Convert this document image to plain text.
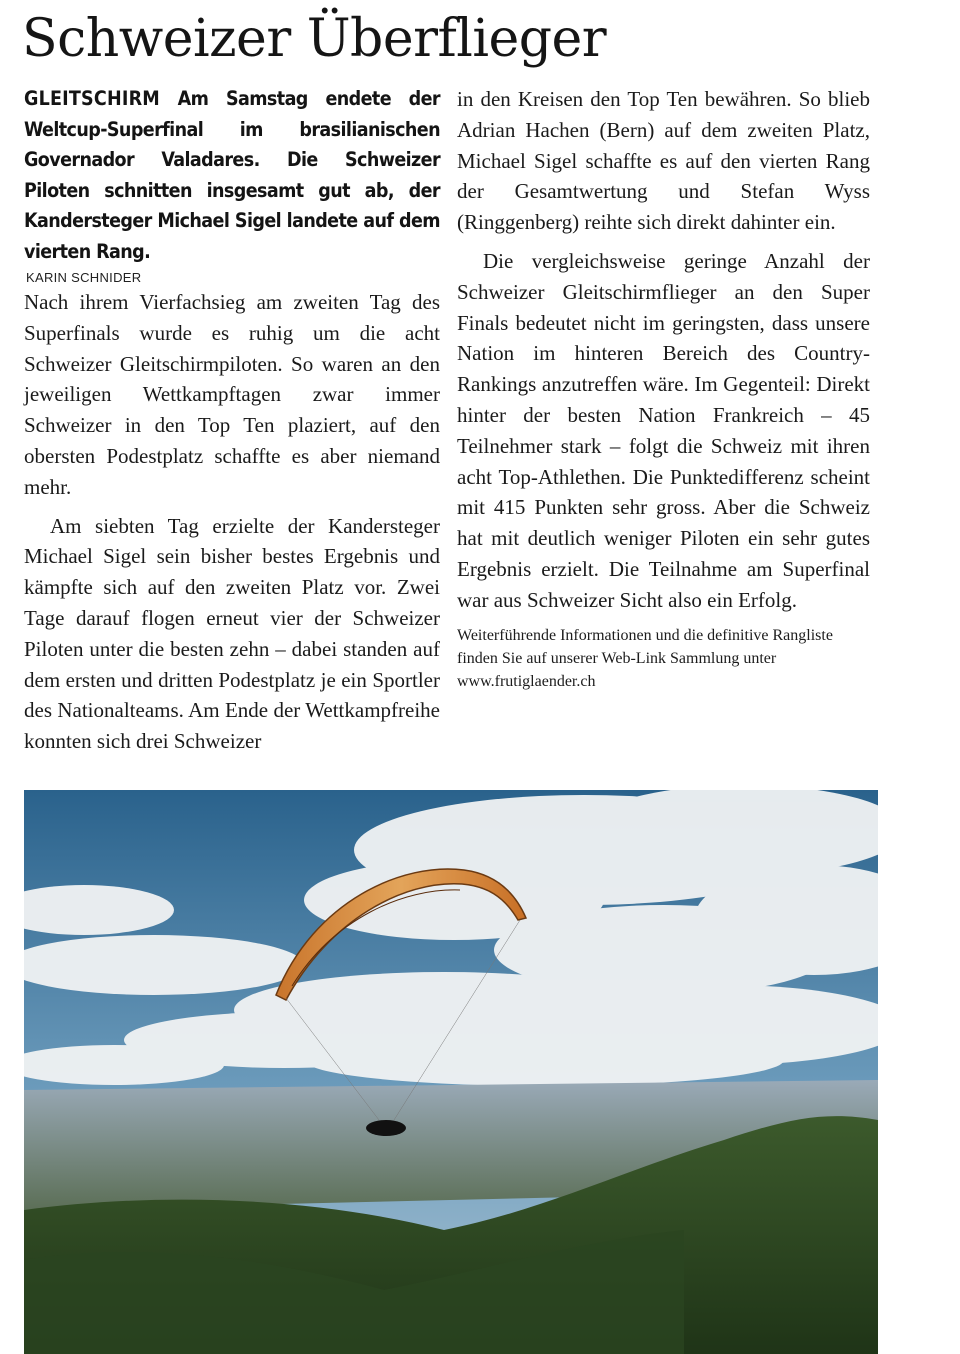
Schweizer Überflieger

GLEITSCHIRM Am Samstag endete der Weltcup-Superfinal im brasilianischen Governador Valadares. Die Schweizer Piloten schnitten insgesamt gut ab, der Kandersteger Michael Sigel landete auf dem vierten Rang.

KARIN SCHNIDER

Nach ihrem Vierfachsieg am zweiten Tag des Superfinals wurde es ruhig um die acht Schweizer Gleitschirmpiloten. So waren an den jeweiligen Wettkampftagen zwar immer Schweizer in den Top Ten plaziert, auf den obersten Podestplatz schaffte es aber niemand mehr.

Am siebten Tag erzielte der Kandersteger Michael Sigel sein bisher bestes Ergebnis und kämpfte sich auf den zweiten Platz vor. Zwei Tage darauf flogen erneut vier der Schweizer Piloten unter die besten zehn – dabei standen auf dem ersten und dritten Podestplatz je ein Sportler des Nationalteams. Am Ende der Wettkampfreihe konnten sich drei Schweizer

in den Kreisen den Top Ten bewähren. So blieb Adrian Hachen (Bern) auf dem zweiten Platz, Michael Sigel schaffte es auf den vierten Rang der Gesamtwertung und Stefan Wyss (Ringgenberg) reihte sich direkt dahinter ein.

Die vergleichsweise geringe Anzahl der Schweizer Gleitschirmflieger an den Super Finals bedeutet nicht im geringsten, dass unsere Nation im hinteren Bereich des Country-Rankings anzutreffen wäre. Im Gegenteil: Direkt hinter der besten Nation Frankreich – 45 Teilnehmer stark – folgt die Schweiz mit ihren acht Top-Athlethen. Die Punktedifferenz scheint mit 415 Punkten sehr gross. Aber die Schweiz hat mit deutlich weniger Piloten ein sehr gutes Ergebnis erzielt. Die Teilnahme am Superfinal war aus Schweizer Sicht also ein Erfolg.

Weiterführende Informationen und die definitive Rangliste finden Sie auf unserer Web-Link Sammlung unter www.frutiglaender.ch
